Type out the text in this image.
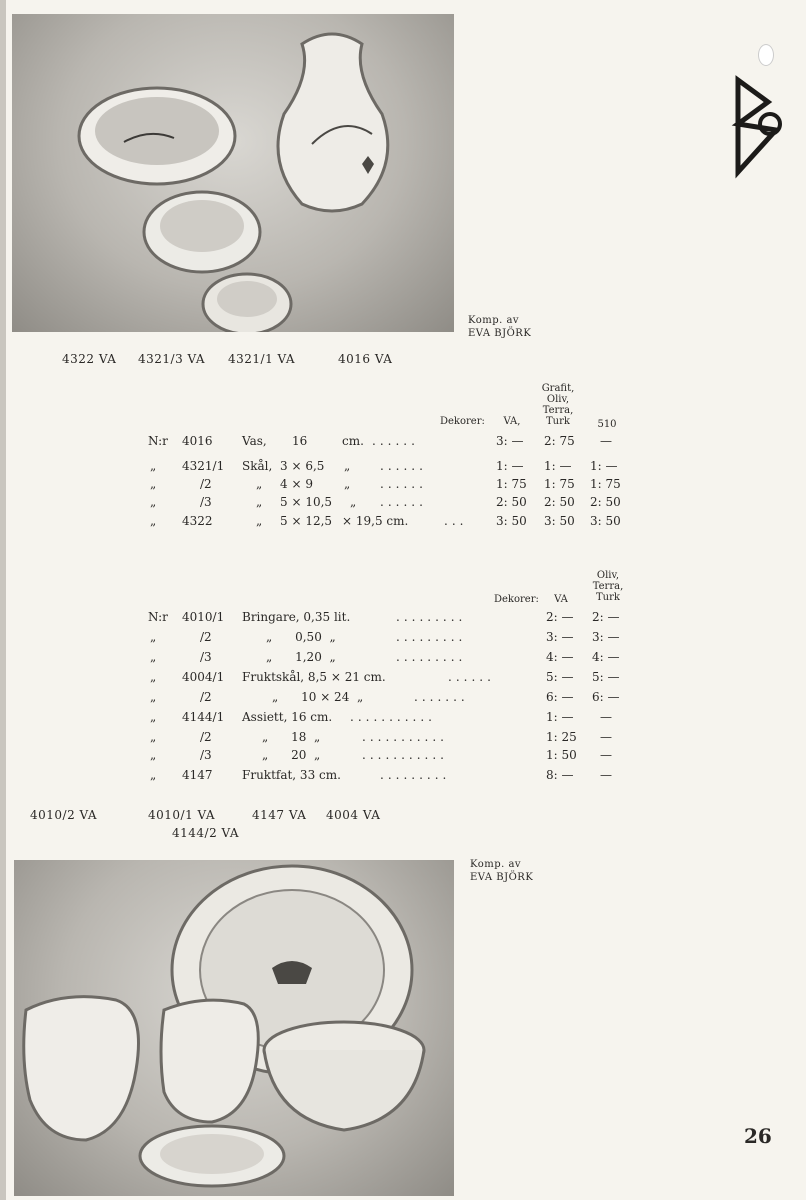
Komp. av
EVA BJÖRK
4322 VA 4321/3 VA 4321/1 VA	4016 VA
Dekorer:	VA,
Grafit,
Oliv,
Terra,
Turk	510
N:r 4016 Vas, 16	cm. ......	3: — 2: 75 —
„ 4321/1 Skål, 3 × 6,5 „ ......	1: — 1: — 1: —
„	/2	„ 4 × 9	„ ......	1: 75 1: 75 1: 75
„	/3	„ 5 × 10,5 „ ......	2: 50 2: 50 2: 50
„ 4322	„ 5 × 12,5 × 19,5 cm.	... 3: 50 3: 50 3: 50
Dekorer:	VA
Oliv,
Terra,
Turk
N:r 4010/1 Bringare, 0,35 lit.	.........	2: — 2: —
„	/2	„      0,50  „	.........	3: — 3: —
„	/3	„      1,20  „	.........	4: — 4: —
„ 4004/1 Fruktskål, 8,5 × 21 cm.	......	5: — 5: —
„	/2	„      10 × 24  „	.......	6: — 6: —
„ 4144/1 Assiett, 16 cm. ...........	1: — —
„	/2	„      18  „	...........	1: 25 —
„	/3	„      20  „	...........	1: 50 —
„ 4147 Fruktfat, 33 cm.	.........	8: — —
4010/2 VA	4010/1 VA	4147 VA 4004 VA
4144/2 VA
Komp. av
EVA BJÖRK
26
